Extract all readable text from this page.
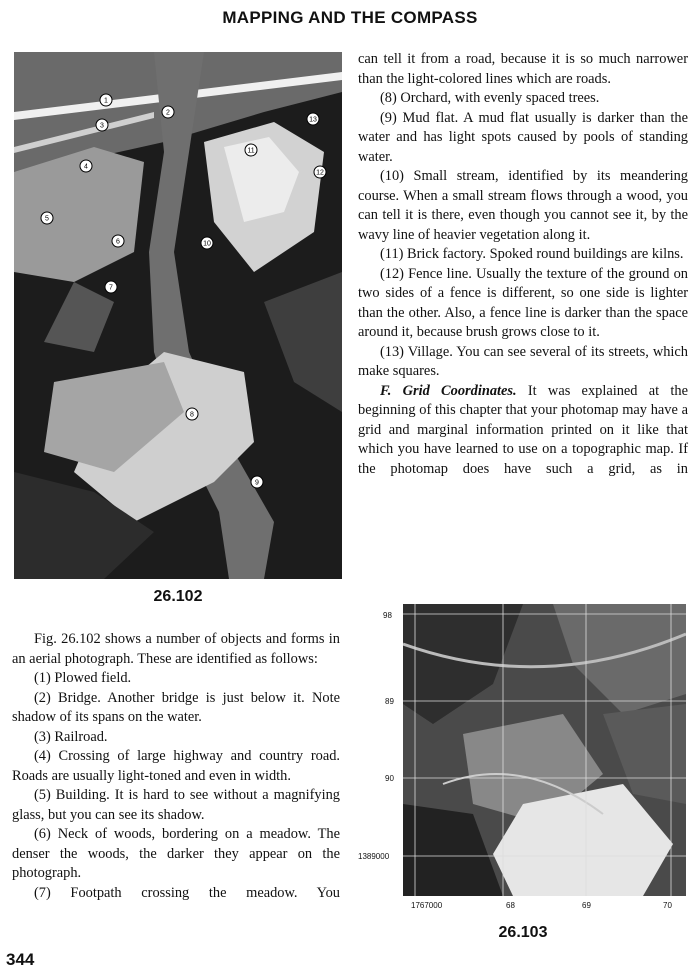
MAPPING AND THE COMPASS
1
2
3
4
5
6
7
8
9
10
11
12
13
26.102

Fig. 26.102 shows a number of objects and forms in an aerial photograph. These are identified as follows:

(1) Plowed field.

(2) Bridge. Another bridge is just below it. Note shadow of its spans on the water.

(3) Railroad.

(4) Crossing of large highway and country road. Roads are usually light-toned and even in width.

(5) Building. It is hard to see without a magnifying glass, but you can see its shadow.

(6) Neck of woods, bordering on a meadow. The denser the woods, the darker they appear on the photograph.

(7) Footpath crossing the meadow. You

can tell it from a road, because it is so much narrower than the light-colored lines which are roads.

(8) Orchard, with evenly spaced trees.

(9) Mud flat. A mud flat usually is darker than the water and has light spots caused by pools of standing water.

(10) Small stream, identified by its meandering course. When a small stream flows through a wood, you can tell it is there, even though you cannot see it, by the wavy line of heavier vegetation along it.

(11) Brick factory. Spoked round buildings are kilns.

(12) Fence line. Usually the texture of the ground on two sides of a fence is different, so one side is lighter than the other. Also, a fence line is darker than the space around it, because brush grows close to it.

(13) Village. You can see several of its streets, which make squares.

F. Grid Coordinates. It was explained at the beginning of this chapter that your photomap may have a grid and marginal information printed on it like that which you have learned to use on a topographic map. If the photomap does have such a grid, as in

98
89
90
1389000
1767000	68	69	70
26.103
344
